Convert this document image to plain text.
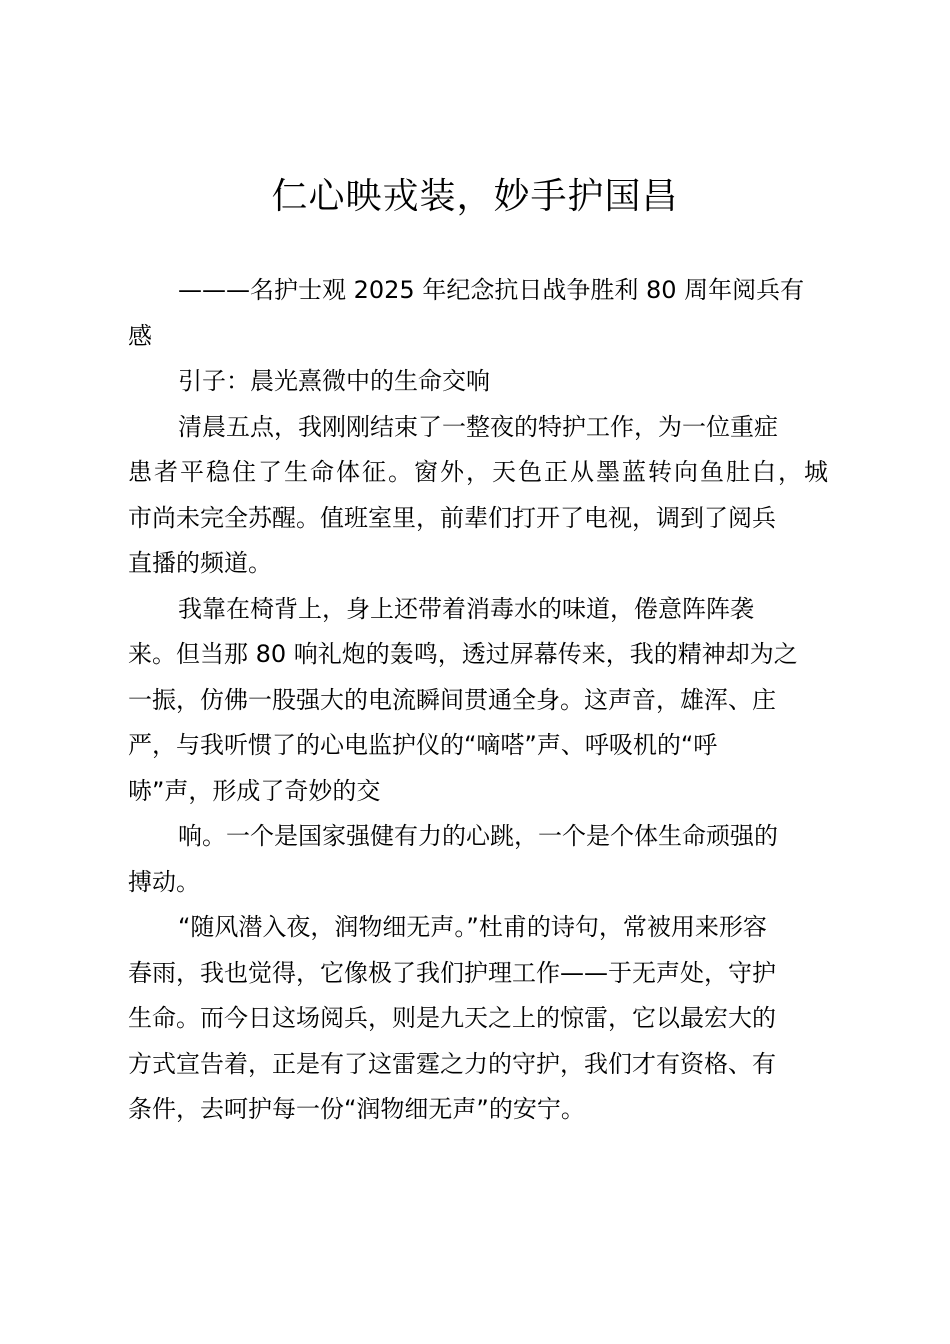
仁心映戎装，妙手护国昌
———名护士观 2025 年纪念抗日战争胜利 80 周年阅兵有
感
引子：晨光熹微中的生命交响
清晨五点，我刚刚结束了一整夜的特护工作，为一位重症
患者平稳住了生命体征。窗外，天色正从墨蓝转向鱼肚白，城
市尚未完全苏醒。值班室里，前辈们打开了电视，调到了阅兵
直播的频道。
我靠在椅背上，身上还带着消毒水的味道，倦意阵阵袭
来。但当那 80 响礼炮的轰鸣，透过屏幕传来，我的精神却为之
一振，仿佛一股强大的电流瞬间贯通全身。这声音，雄浑、庄
严，与我听惯了的心电监护仪的“嘀嗒”声、呼吸机的“呼
哧”声，形成了奇妙的交
响。一个是国家强健有力的心跳，一个是个体生命顽强的
搏动。
“随风潜入夜，润物细无声。”杜甫的诗句，常被用来形容
春雨，我也觉得，它像极了我们护理工作——于无声处，守护
生命。而今日这场阅兵，则是九天之上的惊雷，它以最宏大的
方式宣告着，正是有了这雷霆之力的守护，我们才有资格、有
条件，去呵护每一份“润物细无声”的安宁。
